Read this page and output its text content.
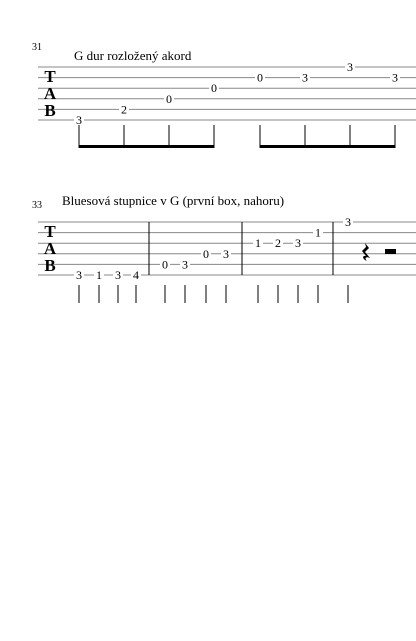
31
G dur rozložený akord
T
A
B 3
2
0
0
0	3
3
3
33 Bluesová stupnice v G (první box, nahoru)
T
A
B 3 1 3 4
0 3
0 3
1 2 3
1
3
